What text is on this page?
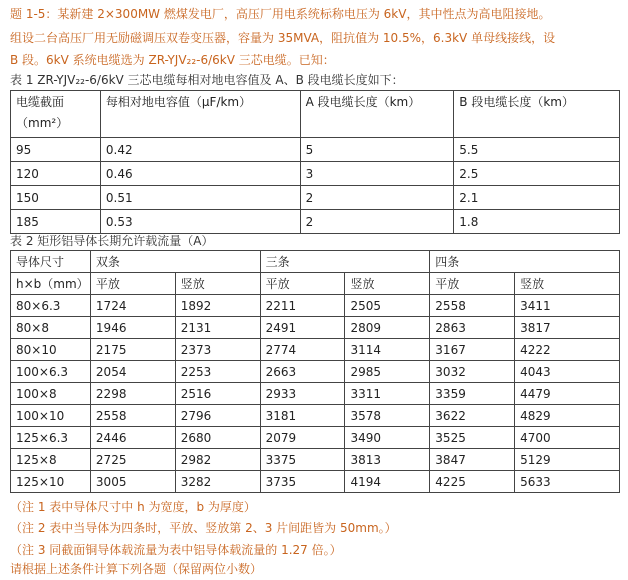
题 1-5：某新建 2×300MW 燃煤发电厂，高压厂用电系统标称电压为 6kV，其中性点为高电阻接地。
组设二台高压厂用无励磁调压双卷变压器，容量为 35MVA，阻抗值为 10.5%，6.3kV 单母线接线，设
B 段。6kV 系统电缆选为 ZR-YJV₂₂-6/6kV 三芯电缆。已知：
表 1 ZR-YJV₂₂-6/6kV 三芯电缆每相对地电容值及 A、B 段电缆长度如下：
电缆截面
（mm²）	每相对地电容值（μF/km）	A 段电缆长度（km）	B 段电缆长度（km）
95	0.42	5	5.5
120	0.46	3	2.5
150	0.51	2	2.1
185	0.53	2	1.8
表 2 矩形铝导体长期允许载流量（A）
导体尺寸	双条		三条		四条	
h×b（mm）	平放	竖放	平放	竖放	平放	竖放
80×6.3	1724	1892	2211	2505	2558	3411
80×8	1946	2131	2491	2809	2863	3817
80×10	2175	2373	2774	3114	3167	4222
100×6.3	2054	2253	2663	2985	3032	4043
100×8	2298	2516	2933	3311	3359	4479
100×10	2558	2796	3181	3578	3622	4829
125×6.3	2446	2680	2079	3490	3525	4700
125×8	2725	2982	3375	3813	3847	5129
125×10	3005	3282	3735	4194	4225	5633
（注 1 表中导体尺寸中 h 为宽度，b 为厚度）
（注 2 表中当导体为四条时，平放、竖放第 2、3 片间距皆为 50mm。）
（注 3 同截面铜导体载流量为表中铝导体载流量的 1.27 倍。）
请根据上述条件计算下列各题（保留两位小数）
